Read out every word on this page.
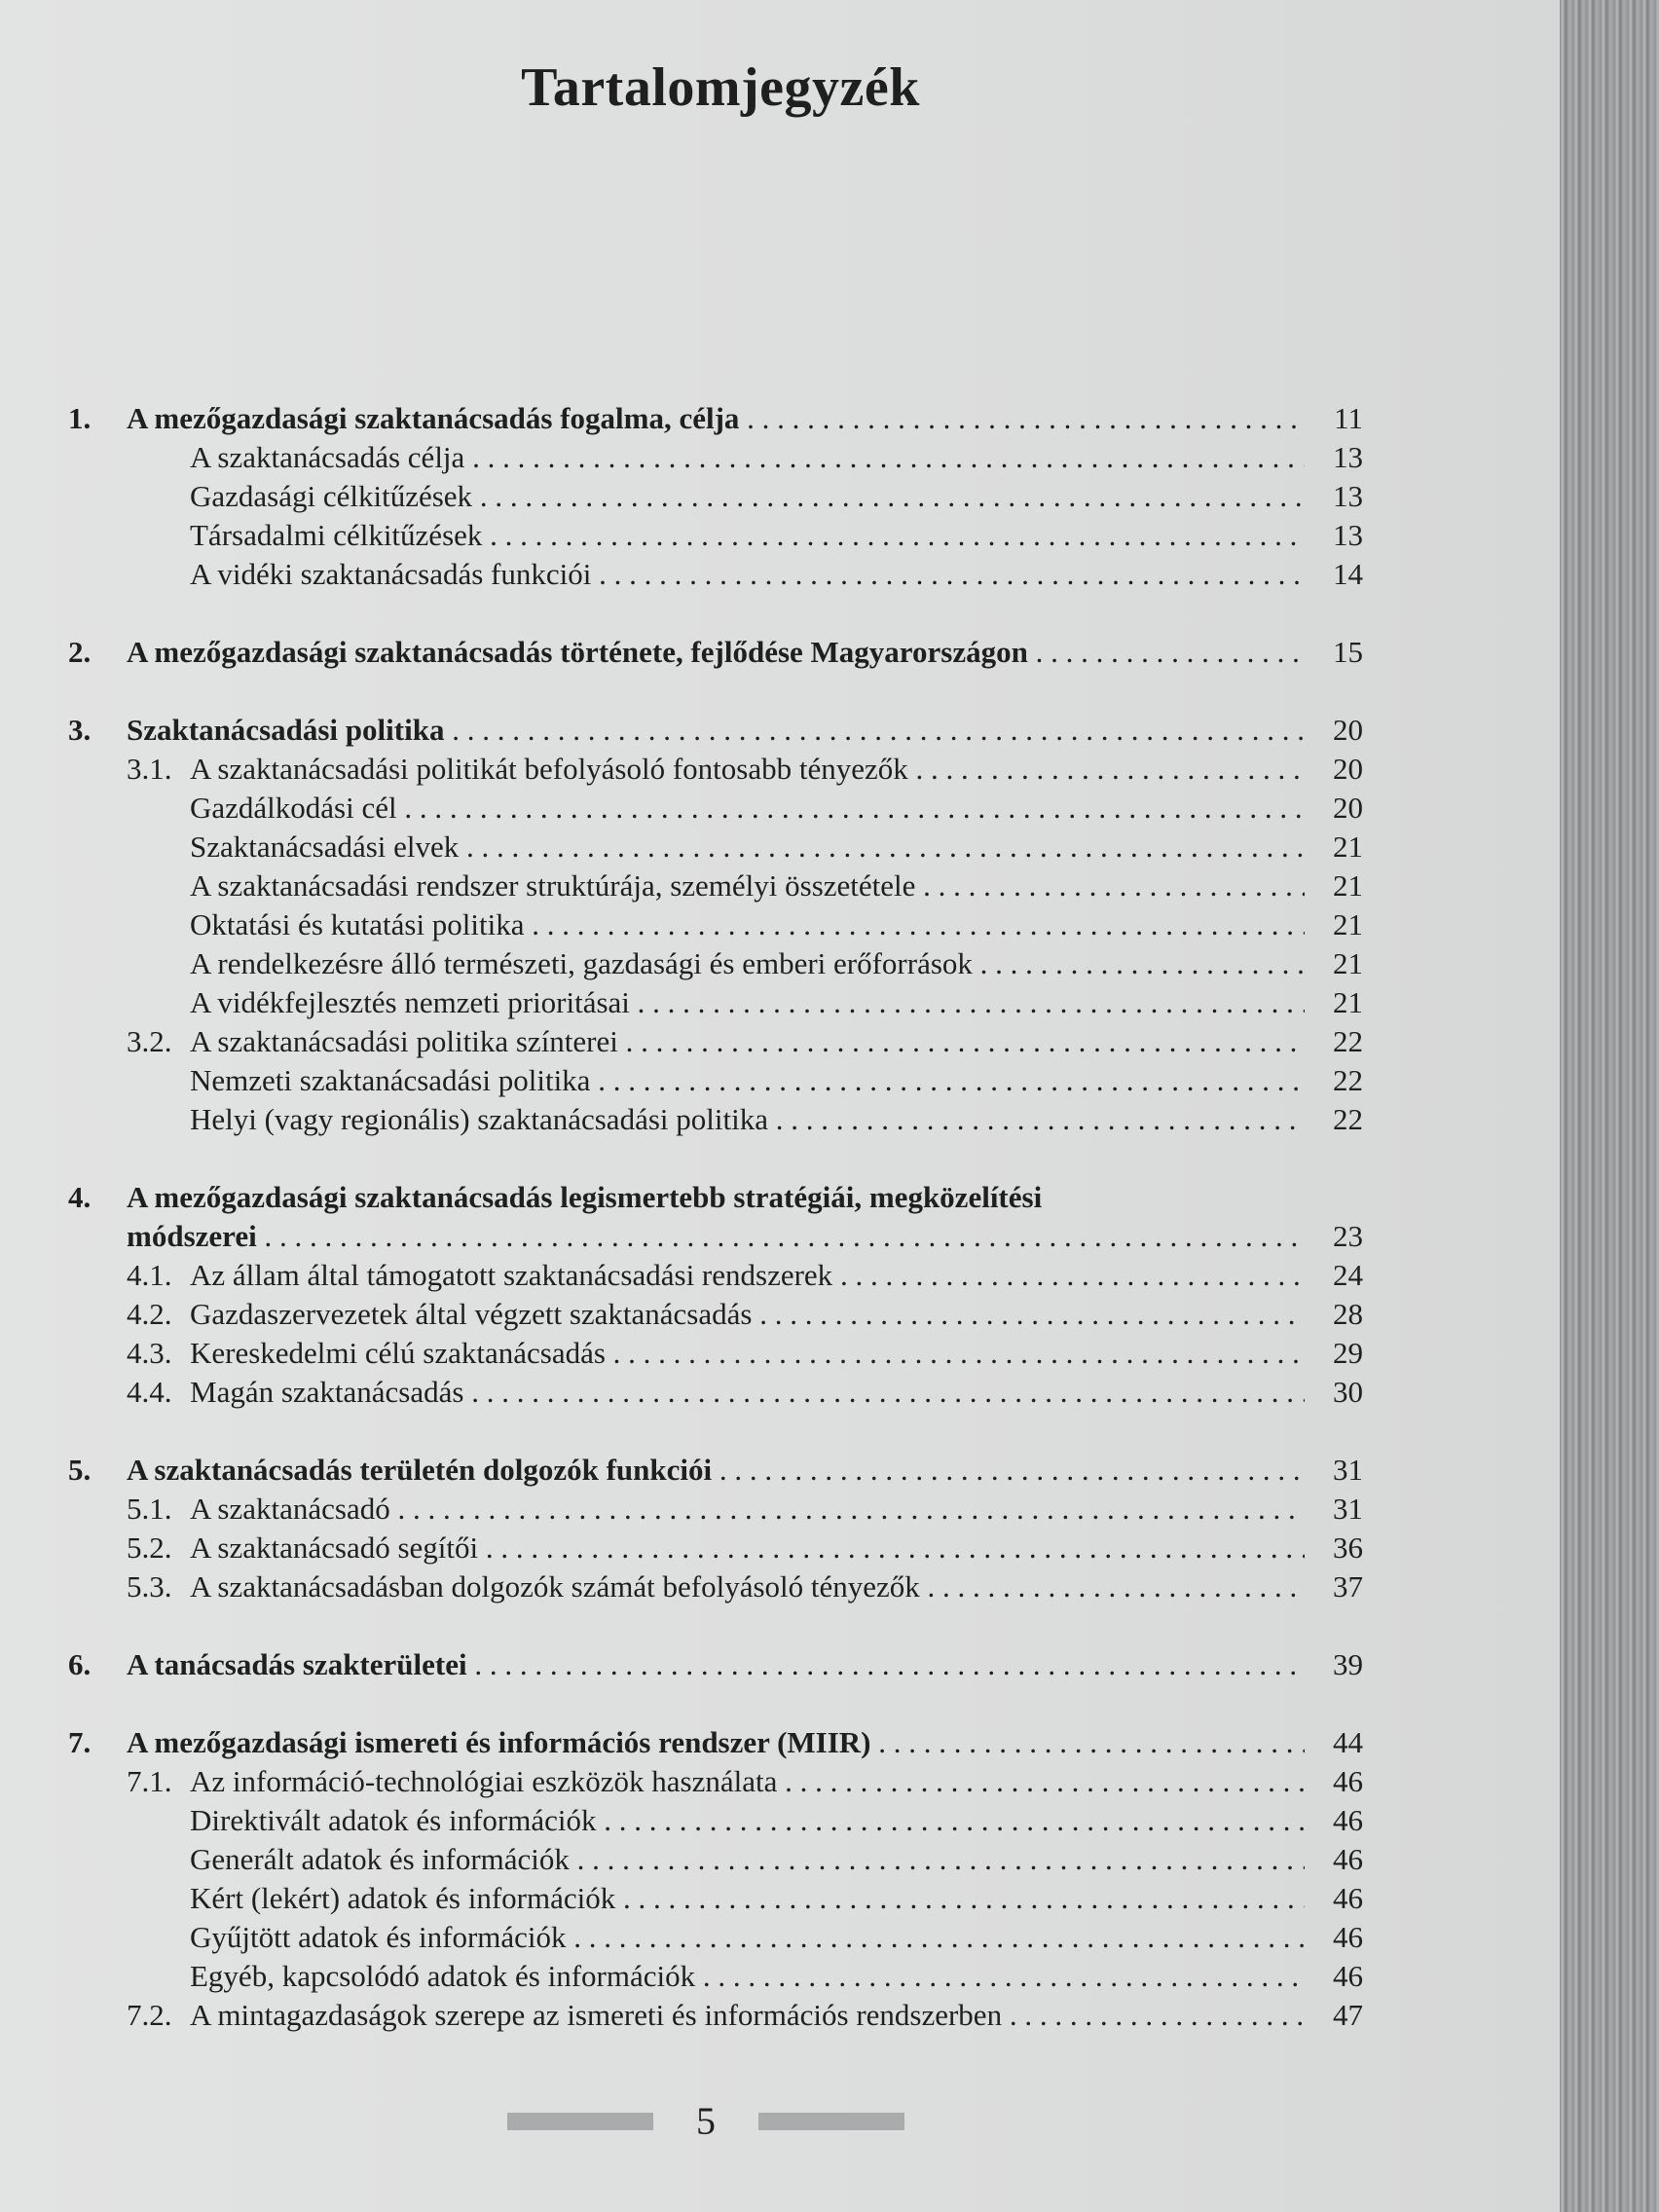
Tartalomjegyzék
1. A mezőgazdasági szaktanácsadás fogalma, célja . . .	11
A szaktanácsadás célja . . .	13
Gazdasági célkitűzések . . .	13
Társadalmi célkitűzések . . .	13
A vidéki szaktanácsadás funkciói . . .	14
2. A mezőgazdasági szaktanácsadás története, fejlődése Magyarországon . . .	15
3. Szaktanácsadási politika . . .	20
3.1. A szaktanácsadási politikát befolyásoló fontosabb tényezők . . .	20
Gazdálkodási cél . . .	20
Szaktanácsadási elvek . . .	21
A szaktanácsadási rendszer struktúrája, személyi összetétele . . .	21
Oktatási és kutatási politika . . .	21
A rendelkezésre álló természeti, gazdasági és emberi erőforrások . . .	21
A vidékfejlesztés nemzeti prioritásai . . .	21
3.2. A szaktanácsadási politika színterei . . .	22
Nemzeti szaktanácsadási politika . . .	22
Helyi (vagy regionális) szaktanácsadási politika . . .	22
4. A mezőgazdasági szaktanácsadás legismertebb stratégiái, megközelítési
módszerei . . .	23
4.1. Az állam által támogatott szaktanácsadási rendszerek . . .	24
4.2. Gazdaszervezetek által végzett szaktanácsadás . . .	28
4.3. Kereskedelmi célú szaktanácsadás . . .	29
4.4. Magán szaktanácsadás . . .	30
5. A szaktanácsadás területén dolgozók funkciói . . .	31
5.1. A szaktanácsadó . . .	31
5.2. A szaktanácsadó segítői . . .	36
5.3. A szaktanácsadásban dolgozók számát befolyásoló tényezők . . .	37
6. A tanácsadás szakterületei . . .	39
7. A mezőgazdasági ismereti és információs rendszer (MIIR) . . .	44
7.1. Az információ-technológiai eszközök használata . . .	46
Direktivált adatok és információk . . .	46
Generált adatok és információk . . .	46
Kért (lekért) adatok és információk . . .	46
Gyűjtött adatok és információk . . .	46
Egyéb, kapcsolódó adatok és információk . . .	46
7.2. A mintagazdaságok szerepe az ismereti és információs rendszerben . . .	47
5
